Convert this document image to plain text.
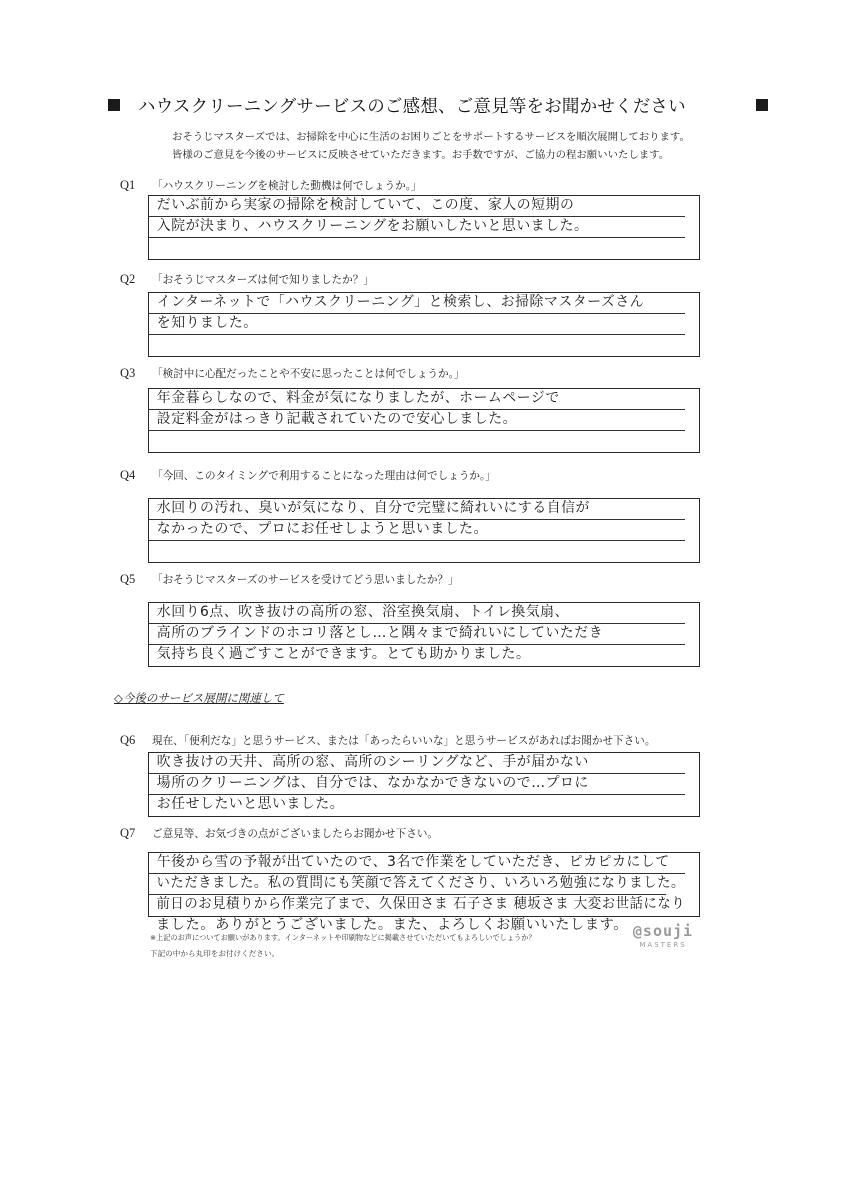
ハウスクリーニングサービスのご感想、ご意見等をお聞かせください
おそうじマスターズでは、お掃除を中心に生活のお困りごとをサポートするサービスを順次展開しております。
皆様のご意見を今後のサービスに反映させていただきます。お手数ですが、ご協力の程お願いいたします。
Q1 「ハウスクリーニングを検討した動機は何でしょうか。」
だいぶ前から実家の掃除を検討していて、この度、家人の短期の
入院が決まり、ハウスクリーニングをお願いしたいと思いました。
Q2 「おそうじマスターズは何で知りましたか？」
インターネットで「ハウスクリーニング」と検索し、お掃除マスターズさん
を知りました。
Q3 「検討中に心配だったことや不安に思ったことは何でしょうか。」
年金暮らしなので、料金が気になりましたが、ホームページで
設定料金がはっきり記載されていたので安心しました。
Q4 「今回、このタイミングで利用することになった理由は何でしょうか。」
水回りの汚れ、臭いが気になり、自分で完璧に綺れいにする自信が
なかったので、プロにお任せしようと思いました。
Q5 「おそうじマスターズのサービスを受けてどう思いましたか？」
水回り6点、吹き抜けの高所の窓、浴室換気扇、トイレ換気扇、
高所のブラインドのホコリ落とし…と隅々まで綺れいにしていただき
気持ち良く過ごすことができます。とても助かりました。
◇今後のサービス展開に関連して
Q6 現在、「便利だな」と思うサービス、または「あったらいいな」と思うサービスがあればお聞かせ下さい。
吹き抜けの天井、高所の窓、高所のシーリングなど、手が届かない
場所のクリーニングは、自分では、なかなかできないので…プロに
お任せしたいと思いました。
Q7 ご意見等、お気づきの点がございましたらお聞かせ下さい。
午後から雪の予報が出ていたので、3名で作業をしていただき、ピカピカにして
いただきました。私の質問にも笑顔で答えてくださり、いろいろ勉強になりました。
前日のお見積りから作業完了まで、久保田さま 石子さま 穂坂さま 大変お世話になり
ました。ありがとうございました。また、よろしくお願いいたします。
※上記のお声についてお願いがあります。インターネットや印刷物などに掲載させていただいてもよろしいでしょうか？
下記の中から丸印をお付けください。
@souji
MASTERS
